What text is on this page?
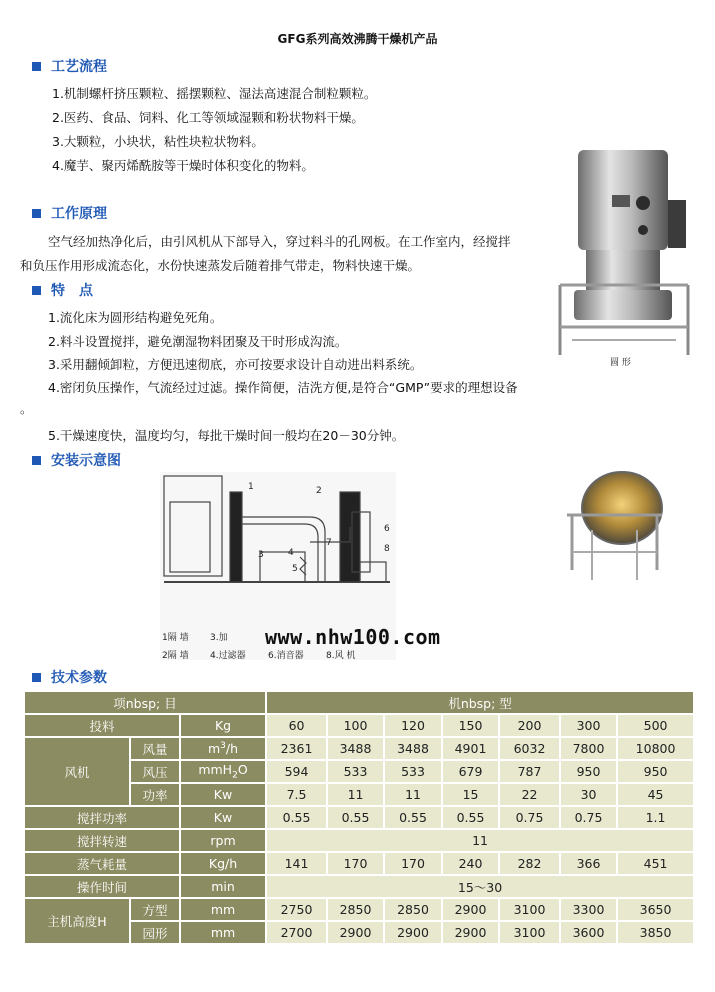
GFG系列高效沸腾干燥机产品
工艺流程
1.机制螺杆挤压颗粒、摇摆颗粒、湿法高速混合制粒颗粒。
2.医药、食品、饲料、化工等领域湿颗和粉状物料干燥。
3.大颗粒，小块状，粘性块粒状物料。
4.魔芋、聚丙烯酰胺等干燥时体积变化的物料。
工作原理
空气经加热净化后，由引风机从下部导入，穿过料斗的孔网板。在工作室内，经搅拌
和负压作用形成流态化，水份快速蒸发后随着排气带走，物料快速干燥。
特　点
1.流化床为圆形结构避免死角。
2.料斗设置搅拌，避免潮湿物料团聚及干时形成沟流。
3.采用翻倾卸粒，方便迅速彻底，亦可按要求设计自动进出料系统。
4.密闭负压操作，气流经过过滤。操作简便，洁洗方便,是符合“GMP”要求的理想设备
。
5.干燥速度快，温度均匀，每批干燥时间一般均在20－30分钟。
安装示意图
圆 形
1	2
3	4
5
6
7
8
1隔 墙 3.加
2隔 墙 4.过滤器 6.消音器 8.风 机
www.nhw100.com
技术参数
项nbsp; 目			机nbsp; 型						
投料		Kg	60	100	120	150	200	300	500
风机	风量	$m^3/h$	2361	3488	3488	4901	6032	7800	10800
	风压	mmH$_2$O	594	533	533	679	787	950	950
	功率	Kw	7.5	11	11	15	22	30	45
搅拌功率		Kw	0.55	0.55	0.55	0.55	0.75	0.75	1.1
搅拌转速		rpm	11						
蒸气耗量		Kg/h	141	170	170	240	282	366	451
操作时间		min	15～30						
主机高度H	方型	mm	2750	2850	2850	2900	3100	3300	3650
	园形	mm	2700	2900	2900	2900	3100	3600	3850
